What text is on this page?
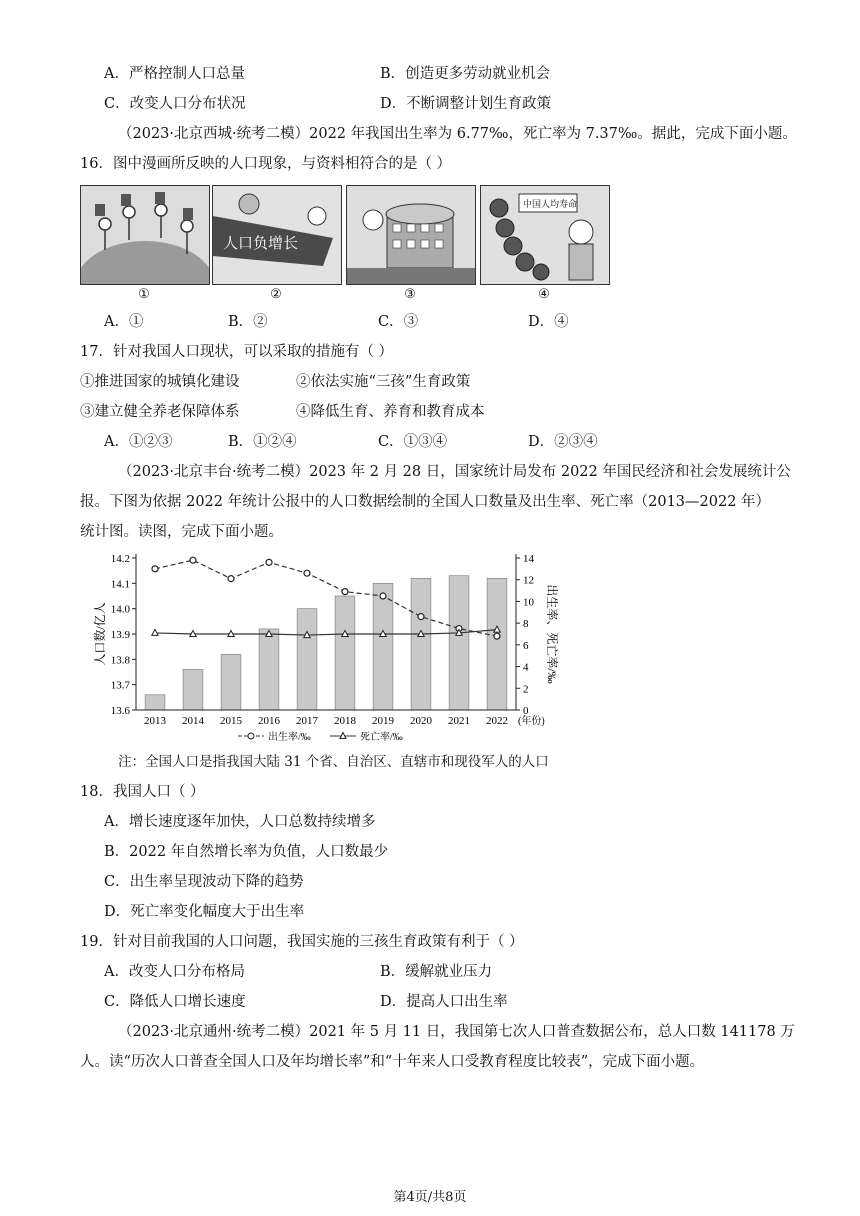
A．严格控制人口总量	B．创造更多劳动就业机会
C．改变人口分布状况	D．不断调整计划生育政策
（2023·北京西城·统考二模）2022 年我国出生率为 6.77‰，死亡率为 7.37‰。据此，完成下面小题。
16．图中漫画所反映的人口现象，与资料相符合的是（ ）
人口负增长
中国人均寿命
①	②	③	④
A．①	B．②	C．③	D．④
17．针对我国人口现状，可以采取的措施有（ ）
①推进国家的城镇化建设	②依法实施“三孩”生育政策
③建立健全养老保障体系	④降低生育、养育和教育成本
A．①②③	B．①②④	C．①③④	D．②③④
（2023·北京丰台·统考二模）2023 年 2 月 28 日，国家统计局发布 2022 年国民经济和社会发展统计公
报。下图为依据 2022 年统计公报中的人口数据绘制的全国人口数量及出生率、死亡率（2013—2022 年）
统计图。读图，完成下面小题。
13.6
13.7
13.8
13.9
14.0
14.1
14.2
0
2
4
6
8
10
12
14
2013 2014 2015 2016 2017 2018 2019 2020 2021 2022 (年份)
人口数/亿人	出生率、死亡率/‰
出生率/‰	死亡率/‰
注：全国人口是指我国大陆 31 个省、自治区、直辖市和现役军人的人口
18．我国人口（ ）
A．增长速度逐年加快，人口总数持续增多
B．2022 年自然增长率为负值，人口数最少
C．出生率呈现波动下降的趋势
D．死亡率变化幅度大于出生率
19．针对目前我国的人口问题，我国实施的三孩生育政策有利于（ ）
A．改变人口分布格局	B．缓解就业压力
C．降低人口增长速度	D．提高人口出生率
（2023·北京通州·统考二模）2021 年 5 月 11 日，我国第七次人口普查数据公布，总人口数 141178 万
人。读“历次人口普查全国人口及年均增长率”和“十年来人口受教育程度比较表”，完成下面小题。
第4页/共8页
